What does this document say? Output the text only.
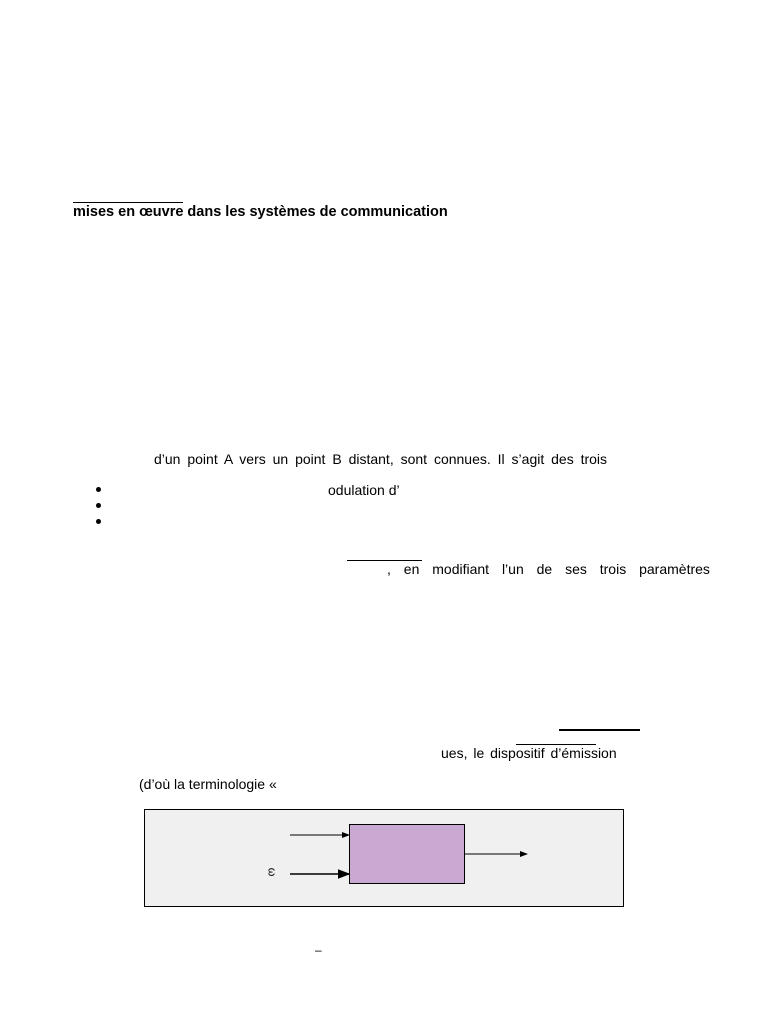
mises en œuvre dans les systèmes de communication
d’un point A vers un point B distant, sont connues. Il s’agit des trois
odulation d’
, en modifiant l’un de ses trois paramètres
ues, le dispositif d’émission
(d’où la terminologie «
ω
–
